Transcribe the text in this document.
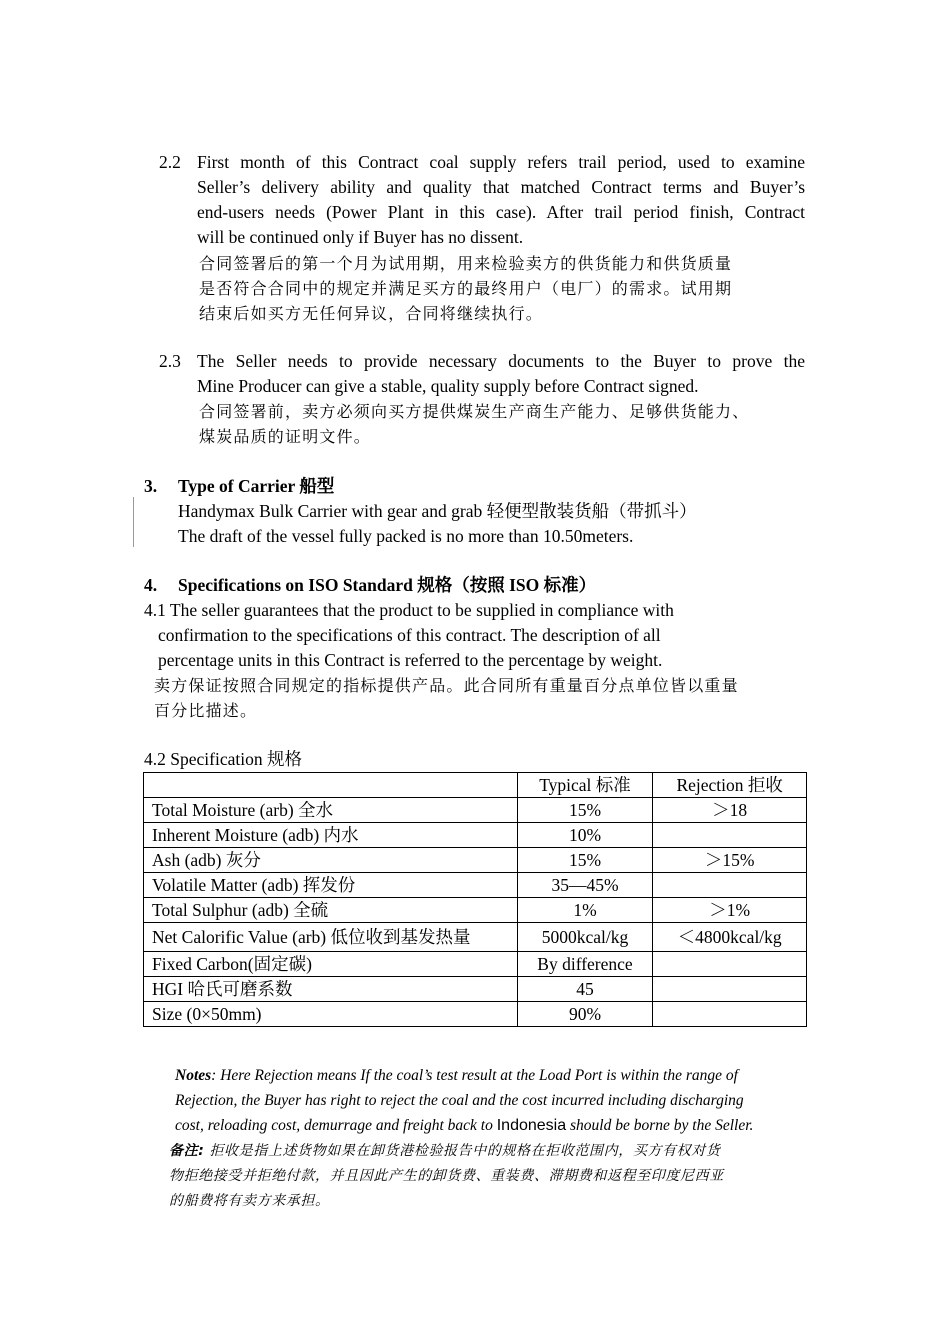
2.2 First month of this Contract coal supply refers trail period, used to examine
Seller’s delivery ability and quality that matched Contract terms and Buyer’s
end-users needs (Power Plant in this case). After trail period finish, Contract
will be continued only if Buyer has no dissent.
合同签署后的第一个月为试用期，用来检验卖方的供货能力和供货质量
是否符合合同中的规定并满足买方的最终用户（电厂）的需求。试用期
结束后如买方无任何异议，合同将继续执行。
2.3 The Seller needs to provide necessary documents to the Buyer to prove the
Mine Producer can give a stable, quality supply before Contract signed.
合同签署前，卖方必须向买方提供煤炭生产商生产能力、足够供货能力、
煤炭品质的证明文件。
3. Type of Carrier 船型
Handymax Bulk Carrier with gear and grab 轻便型散装货船（带抓斗）
The draft of the vessel fully packed is no more than 10.50meters.
4. Specifications on ISO Standard 规格（按照 ISO 标准）
4.1 The seller guarantees that the product to be supplied in compliance with
confirmation to the specifications of this contract. The description of all
percentage units in this Contract is referred to the percentage by weight.
卖方保证按照合同规定的指标提供产品。此合同所有重量百分点单位皆以重量
百分比描述。
4.2 Specification 规格
	Typical 标准	Rejection 拒收
Total Moisture (arb) 全水	15%	＞18
Inherent Moisture (adb) 内水	10%	
Ash (adb) 灰分	15%	＞15%
Volatile Matter (adb) 挥发份	35—45%	
Total Sulphur (adb) 全硫	1%	＞1%
Net Calorific Value (arb) 低位收到基发热量	5000kcal/kg	＜4800kcal/kg
Fixed Carbon(固定碳)	By difference	
HGI 哈氏可磨系数	45	
Size (0×50mm)	90%	
Notes: Here Rejection means If the coal’s test result at the Load Port is within the range of
Rejection, the Buyer has right to reject the coal and the cost incurred including discharging
cost, reloading cost, demurrage and freight back to Indonesia should be borne by the Seller.
备注: 拒收是指上述货物如果在卸货港检验报告中的规格在拒收范围内，买方有权对货
物拒绝接受并拒绝付款，并且因此产生的卸货费、重装费、滞期费和返程至印度尼西亚
的船费将有卖方来承担。
